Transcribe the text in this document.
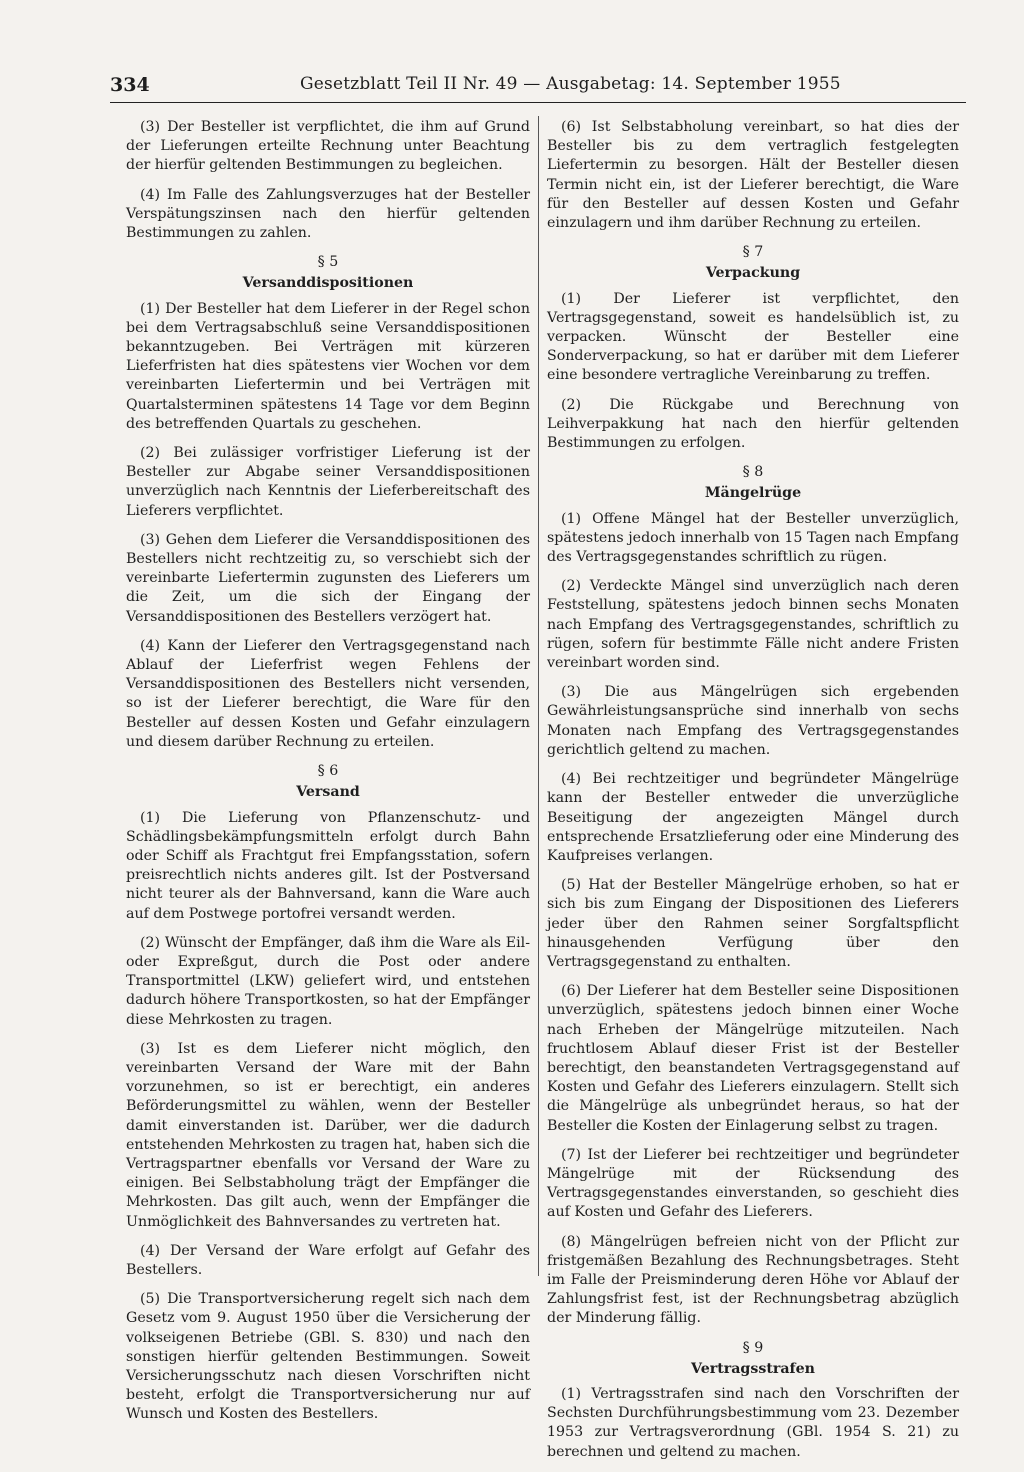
334	Gesetzblatt Teil II Nr. 49 — Ausgabetag: 14. September 1955

(3) Der Besteller ist verpflichtet, die ihm auf Grund der Lieferungen erteilte Rechnung unter Beachtung der hierfür geltenden Bestimmungen zu begleichen.

(4) Im Falle des Zahlungsverzuges hat der Besteller Verspätungszinsen nach den hierfür geltenden Bestimmungen zu zahlen.

§ 5
Versanddispositionen

(1) Der Besteller hat dem Lieferer in der Regel schon bei dem Vertragsabschluß seine Versanddispositionen bekanntzugeben. Bei Verträgen mit kürzeren Lieferfristen hat dies spätestens vier Wochen vor dem vereinbarten Liefertermin und bei Verträgen mit Quartalsterminen spätestens 14 Tage vor dem Beginn des betreffenden Quartals zu geschehen.

(2) Bei zulässiger vorfristiger Lieferung ist der Besteller zur Abgabe seiner Versanddispositionen unverzüglich nach Kenntnis der Lieferbereitschaft des Lieferers verpflichtet.

(3) Gehen dem Lieferer die Versanddispositionen des Bestellers nicht rechtzeitig zu, so verschiebt sich der vereinbarte Liefertermin zugunsten des Lieferers um die Zeit, um die sich der Eingang der Versanddispositionen des Bestellers verzögert hat.

(4) Kann der Lieferer den Vertragsgegenstand nach Ablauf der Lieferfrist wegen Fehlens der Versanddispositionen des Bestellers nicht versenden, so ist der Lieferer berechtigt, die Ware für den Besteller auf dessen Kosten und Gefahr einzulagern und diesem darüber Rechnung zu erteilen.

§ 6
Versand

(1) Die Lieferung von Pflanzenschutz- und Schädlingsbekämpfungsmitteln erfolgt durch Bahn oder Schiff als Frachtgut frei Empfangsstation, sofern preisrechtlich nichts anderes gilt. Ist der Postversand nicht teurer als der Bahnversand, kann die Ware auch auf dem Postwege portofrei versandt werden.

(2) Wünscht der Empfänger, daß ihm die Ware als Eil- oder Expreßgut, durch die Post oder andere Transportmittel (LKW) geliefert wird, und entstehen dadurch höhere Transportkosten, so hat der Empfänger diese Mehrkosten zu tragen.

(3) Ist es dem Lieferer nicht möglich, den vereinbarten Versand der Ware mit der Bahn vorzunehmen, so ist er berechtigt, ein anderes Beförderungsmittel zu wählen, wenn der Besteller damit einverstanden ist. Darüber, wer die dadurch entstehenden Mehrkosten zu tragen hat, haben sich die Vertragspartner ebenfalls vor Versand der Ware zu einigen. Bei Selbstabholung trägt der Empfänger die Mehrkosten. Das gilt auch, wenn der Empfänger die Unmöglichkeit des Bahnversandes zu vertreten hat.

(4) Der Versand der Ware erfolgt auf Gefahr des Bestellers.

(5) Die Transportversicherung regelt sich nach dem Gesetz vom 9. August 1950 über die Versicherung der volkseigenen Betriebe (GBl. S. 830) und nach den sonstigen hierfür geltenden Bestimmungen. Soweit Versicherungsschutz nach diesen Vorschriften nicht besteht, erfolgt die Transportversicherung nur auf Wunsch und Kosten des Bestellers.

(6) Ist Selbstabholung vereinbart, so hat dies der Besteller bis zu dem vertraglich festgelegten Liefertermin zu besorgen. Hält der Besteller diesen Termin nicht ein, ist der Lieferer berechtigt, die Ware für den Besteller auf dessen Kosten und Gefahr einzulagern und ihm darüber Rechnung zu erteilen.

§ 7
Verpackung

(1) Der Lieferer ist verpflichtet, den Vertragsgegenstand, soweit es handelsüblich ist, zu verpacken. Wünscht der Besteller eine Sonderverpackung, so hat er darüber mit dem Lieferer eine besondere vertragliche Vereinbarung zu treffen.

(2) Die Rückgabe und Berechnung von Leihverpakkung hat nach den hierfür geltenden Bestimmungen zu erfolgen.

§ 8
Mängelrüge

(1) Offene Mängel hat der Besteller unverzüglich, spätestens jedoch innerhalb von 15 Tagen nach Empfang des Vertragsgegenstandes schriftlich zu rügen.

(2) Verdeckte Mängel sind unverzüglich nach deren Feststellung, spätestens jedoch binnen sechs Monaten nach Empfang des Vertragsgegenstandes, schriftlich zu rügen, sofern für bestimmte Fälle nicht andere Fristen vereinbart worden sind.

(3) Die aus Mängelrügen sich ergebenden Gewährleistungsansprüche sind innerhalb von sechs Monaten nach Empfang des Vertragsgegenstandes gerichtlich geltend zu machen.

(4) Bei rechtzeitiger und begründeter Mängelrüge kann der Besteller entweder die unverzügliche Beseitigung der angezeigten Mängel durch entsprechende Ersatzlieferung oder eine Minderung des Kaufpreises verlangen.

(5) Hat der Besteller Mängelrüge erhoben, so hat er sich bis zum Eingang der Dispositionen des Lieferers jeder über den Rahmen seiner Sorgfaltspflicht hinausgehenden Verfügung über den Vertragsgegenstand zu enthalten.

(6) Der Lieferer hat dem Besteller seine Dispositionen unverzüglich, spätestens jedoch binnen einer Woche nach Erheben der Mängelrüge mitzuteilen. Nach fruchtlosem Ablauf dieser Frist ist der Besteller berechtigt, den beanstandeten Vertragsgegenstand auf Kosten und Gefahr des Lieferers einzulagern. Stellt sich die Mängelrüge als unbegründet heraus, so hat der Besteller die Kosten der Einlagerung selbst zu tragen.

(7) Ist der Lieferer bei rechtzeitiger und begründeter Mängelrüge mit der Rücksendung des Vertragsgegenstandes einverstanden, so geschieht dies auf Kosten und Gefahr des Lieferers.

(8) Mängelrügen befreien nicht von der Pflicht zur fristgemäßen Bezahlung des Rechnungsbetrages. Steht im Falle der Preisminderung deren Höhe vor Ablauf der Zahlungsfrist fest, ist der Rechnungsbetrag abzüglich der Minderung fällig.

§ 9
Vertragsstrafen

(1) Vertragsstrafen sind nach den Vorschriften der Sechsten Durchführungsbestimmung vom 23. Dezember 1953 zur Vertragsverordnung (GBl. 1954 S. 21) zu berechnen und geltend zu machen.
